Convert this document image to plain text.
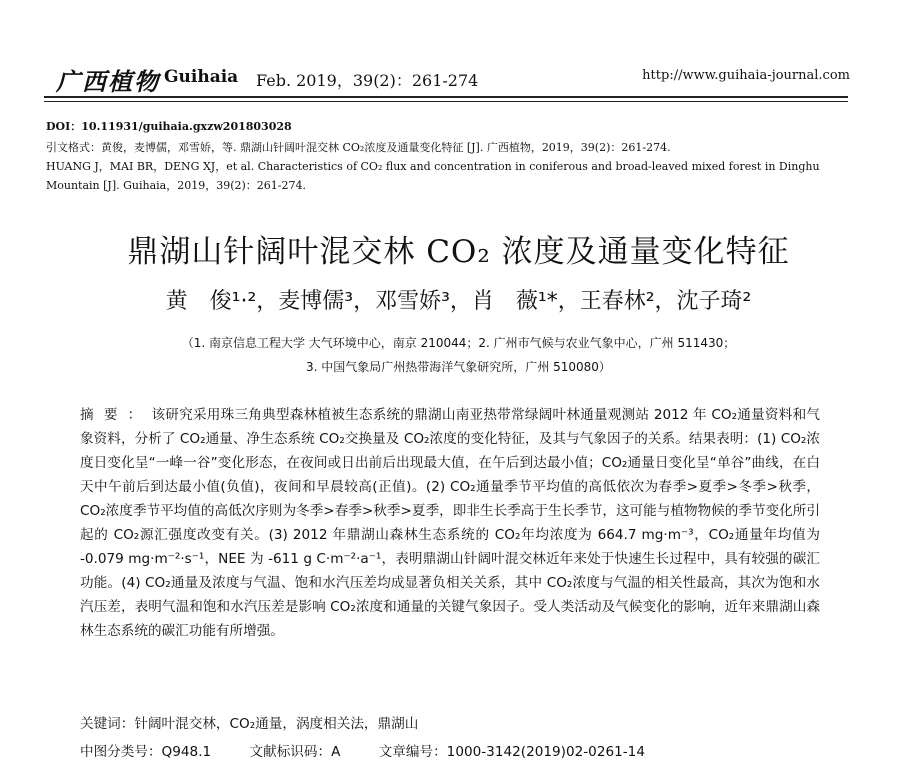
广西植物 Guihaia Feb. 2019，39(2)：261-274	http://www.guihaia-journal.com
DOI：10.11931/guihaia.gxzw201803028
引文格式：黄俊，麦博儒，邓雪娇，等. 鼎湖山针阔叶混交林 CO₂浓度及通量变化特征 [J]. 广西植物，2019，39(2)：261-274.
HUANG J，MAI BR，DENG XJ，et al. Characteristics of CO₂ flux and concentration in coniferous and broad-leaved mixed forest in Dinghu Mountain [J]. Guihaia，2019，39(2)：261-274.
鼎湖山针阔叶混交林 CO₂ 浓度及通量变化特征
黄　俊¹·²，麦博儒³，邓雪娇³，肖　薇¹*，王春林²，沈子琦²
（1. 南京信息工程大学 大气环境中心，南京 210044；2. 广州市气候与农业气象中心，广州 511430；
3. 中国气象局广州热带海洋气象研究所，广州 510080）
摘要：该研究采用珠三角典型森林植被生态系统的鼎湖山南亚热带常绿阔叶林通量观测站 2012 年 CO₂通量资料和气象资料，分析了 CO₂通量、净生态系统 CO₂交换量及 CO₂浓度的变化特征，及其与气象因子的关系。结果表明：(1) CO₂浓度日变化呈“一峰一谷”变化形态，在夜间或日出前后出现最大值，在午后到达最小值；CO₂通量日变化呈“单谷”曲线，在白天中午前后到达最小值(负值)，夜间和早晨较高(正值)。(2) CO₂通量季节平均值的高低依次为春季>夏季>冬季>秋季，CO₂浓度季节平均值的高低次序则为冬季>春季>秋季>夏季，即非生长季高于生长季节，这可能与植物物候的季节变化所引起的 CO₂源汇强度改变有关。(3) 2012 年鼎湖山森林生态系统的 CO₂年均浓度为 664.7 mg·m⁻³，CO₂通量年均值为 -0.079 mg·m⁻²·s⁻¹，NEE 为 -611 g C·m⁻²·a⁻¹，表明鼎湖山针阔叶混交林近年来处于快速生长过程中，具有较强的碳汇功能。(4) CO₂通量及浓度与气温、饱和水汽压差均成显著负相关关系，其中 CO₂浓度与气温的相关性最高，其次为饱和水汽压差，表明气温和饱和水汽压差是影响 CO₂浓度和通量的关键气象因子。受人类活动及气候变化的影响，近年来鼎湖山森林生态系统的碳汇功能有所增强。
关键词：针阔叶混交林，CO₂通量，涡度相关法，鼎湖山
中图分类号：Q948.1	文献标识码：A	文章编号：1000-3142(2019)02-0261-14
